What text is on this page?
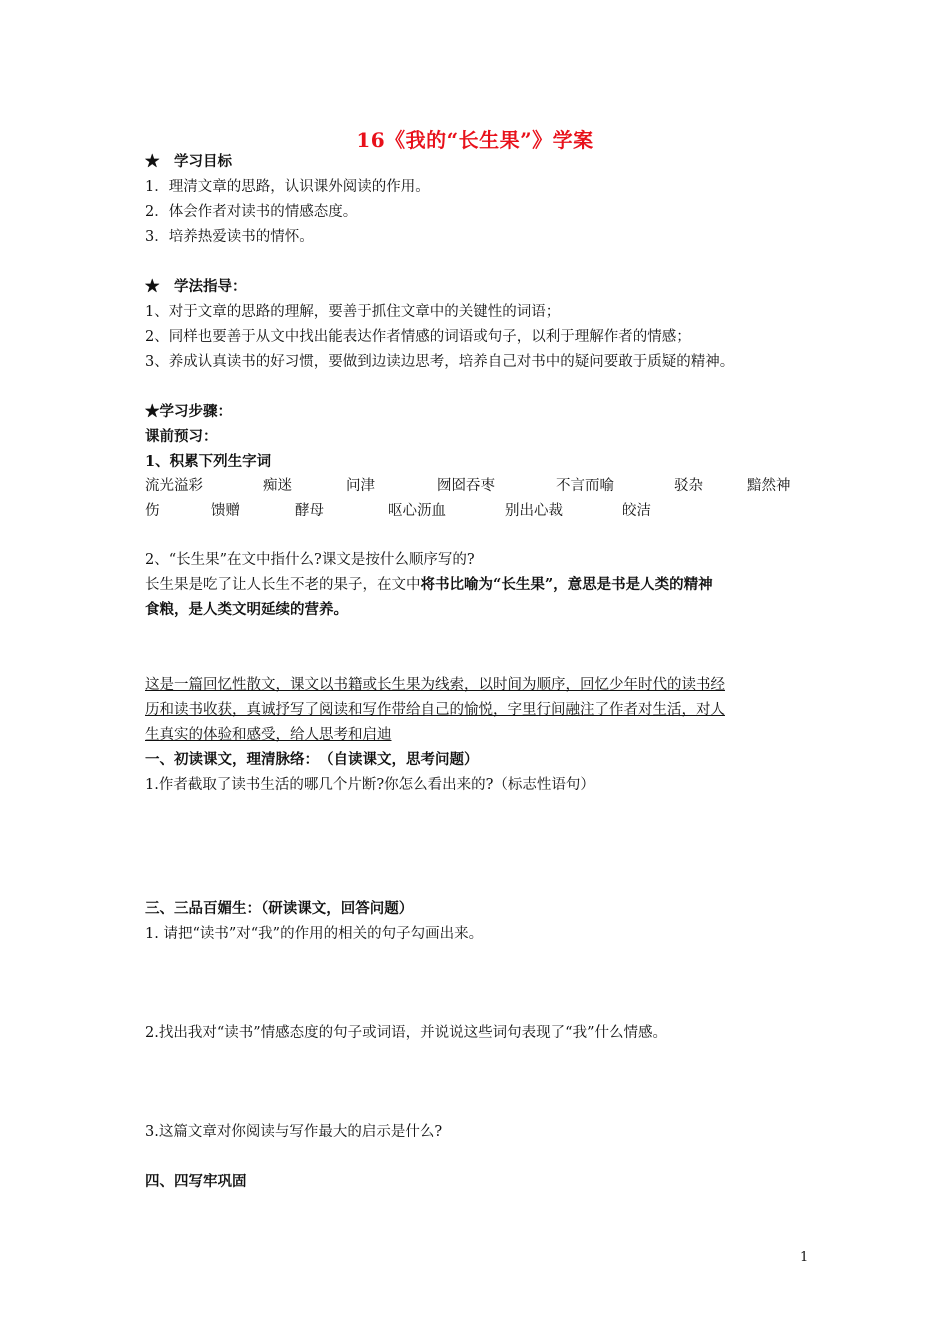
16《我的“长生果”》学案
★　学习目标
1．理清文章的思路，认识课外阅读的作用。
2．体会作者对读书的情感态度。
3．培养热爱读书的情怀。
★　学法指导：
1、对于文章的思路的理解，要善于抓住文章中的关键性的词语；
2、同样也要善于从文中找出能表达作者情感的词语或句子，以利于理解作者的情感；
3、养成认真读书的好习惯，要做到边读边思考，培养自己对书中的疑问要敢于质疑的精神。
★学习步骤：
课前预习：
1、积累下列生字词
流光溢彩	痴迷	问津	囫囵吞枣	不言而喻	驳杂	黯然神
伤	馈赠	酵母	呕心沥血	别出心裁	皎洁
2、“长生果”在文中指什么?课文是按什么顺序写的?
长生果是吃了让人长生不老的果子，在文中将书比喻为“长生果”，意思是书是人类的精神
食粮，是人类文明延续的营养。
这是一篇回忆性散文，课文以书籍或长生果为线索，以时间为顺序，回忆少年时代的读书经
历和读书收获，真诚抒写了阅读和写作带给自己的愉悦，字里行间融注了作者对生活，对人
生真实的体验和感受，给人思考和启迪
一、初读课文，理清脉络：　（自读课文，思考问题）
1.作者截取了读书生活的哪几个片断?你怎么看出来的?（标志性语句）
三、三品百媚生：（研读课文，回答问题）
1. 请把“读书”对“我”的作用的相关的句子勾画出来。
2.找出我对“读书”情感态度的句子或词语，并说说这些词句表现了“我”什么情感。
3.这篇文章对你阅读与写作最大的启示是什么?
四、四写牢巩固
1
